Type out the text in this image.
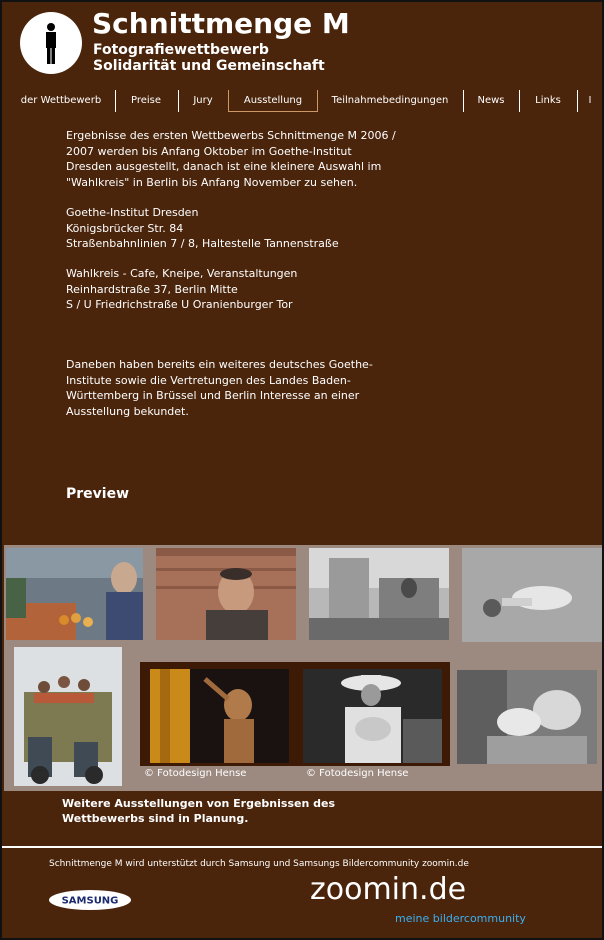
Schnittmenge M
Fotografiewettbewerb
Solidarität und Gemeinschaft
der Wettbewerb	Preise	Jury	Ausstellung	Teilnahmebedingungen	News	Links	I
Ergebnisse des ersten Wettbewerbs Schnittmenge M 2006 / 2007 werden bis Anfang Oktober im Goethe-Institut Dresden ausgestellt, danach ist eine kleinere Auswahl im "Wahlkreis" in Berlin bis Anfang November zu sehen.
Goethe-Institut Dresden
Königsbrücker Str. 84
Straßenbahnlinien 7 / 8, Haltestelle Tannenstraße
Wahlkreis - Cafe, Kneipe, Veranstaltungen
Reinhardstraße 37, Berlin Mitte
S / U Friedrichstraße U Oranienburger Tor
Daneben haben bereits ein weiteres deutsches Goethe-Institute sowie die Vertretungen des Landes Baden-Württemberg in Brüssel und Berlin Interesse an einer Ausstellung bekundet.
Preview
© Fotodesign Hense	© Fotodesign Hense
Weitere Ausstellungen von Ergebnissen des Wettbewerbs sind in Planung.
Schnittmenge M wird unterstützt durch Samsung und Samsungs Bildercommunity zoomin.de
SAMSUNG	zoomin.de
meine bildercommunity
